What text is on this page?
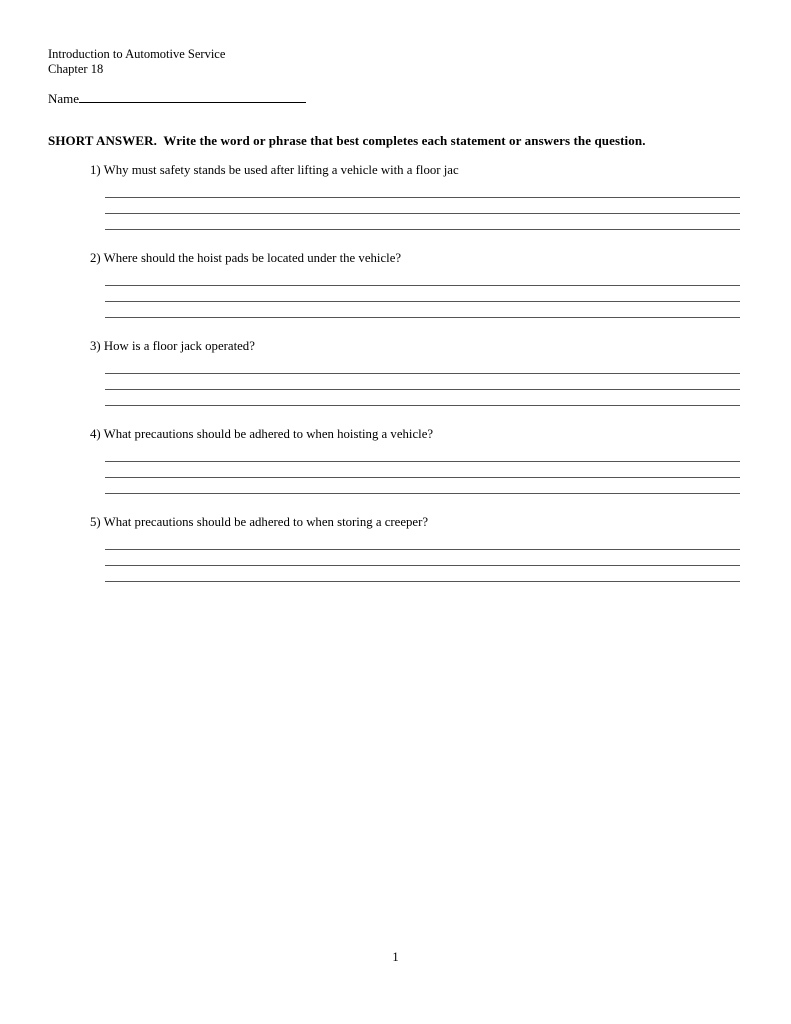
Introduction to Automotive Service
Chapter 18
Name
SHORT ANSWER.  Write the word or phrase that best completes each statement or answers the question.
1) Why must safety stands be used after lifting a vehicle with a floor jac
2) Where should the hoist pads be located under the vehicle?
3) How is a floor jack operated?
4) What precautions should be adhered to when hoisting a vehicle?
5) What precautions should be adhered to when storing a creeper?
1
